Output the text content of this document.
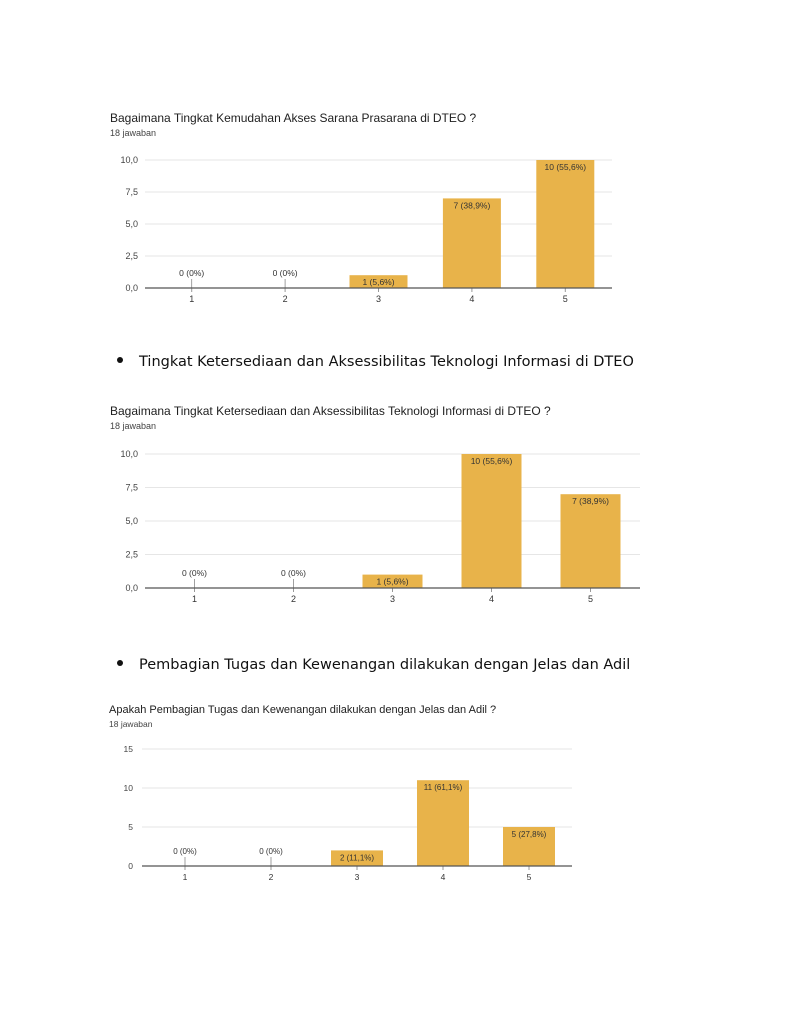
Bagaimana Tingkat Kemudahan Akses Sarana Prasarana di DTEO ?
18 jawaban
0,0
2,5
5,0
7,5
10,0
0 (0%)
1
0 (0%)
2
1 (5,6%)
3
7 (38,9%)
4
10 (55,6%)
5
Tingkat Ketersediaan dan Aksessibilitas Teknologi Informasi di DTEO
Bagaimana Tingkat Ketersediaan dan Aksessibilitas Teknologi Informasi di DTEO ?
18 jawaban
0,0
2,5
5,0
7,5
10,0
0 (0%)
1
0 (0%)
2
1 (5,6%)
3
10 (55,6%)
4
7 (38,9%)
5
Pembagian Tugas dan Kewenangan dilakukan dengan Jelas dan Adil
Apakah Pembagian Tugas dan Kewenangan dilakukan dengan Jelas dan Adil ?
18 jawaban
0
5
10
15
0 (0%)
1
0 (0%)
2
2 (11,1%)
3
11 (61,1%)
4
5 (27,8%)
5
